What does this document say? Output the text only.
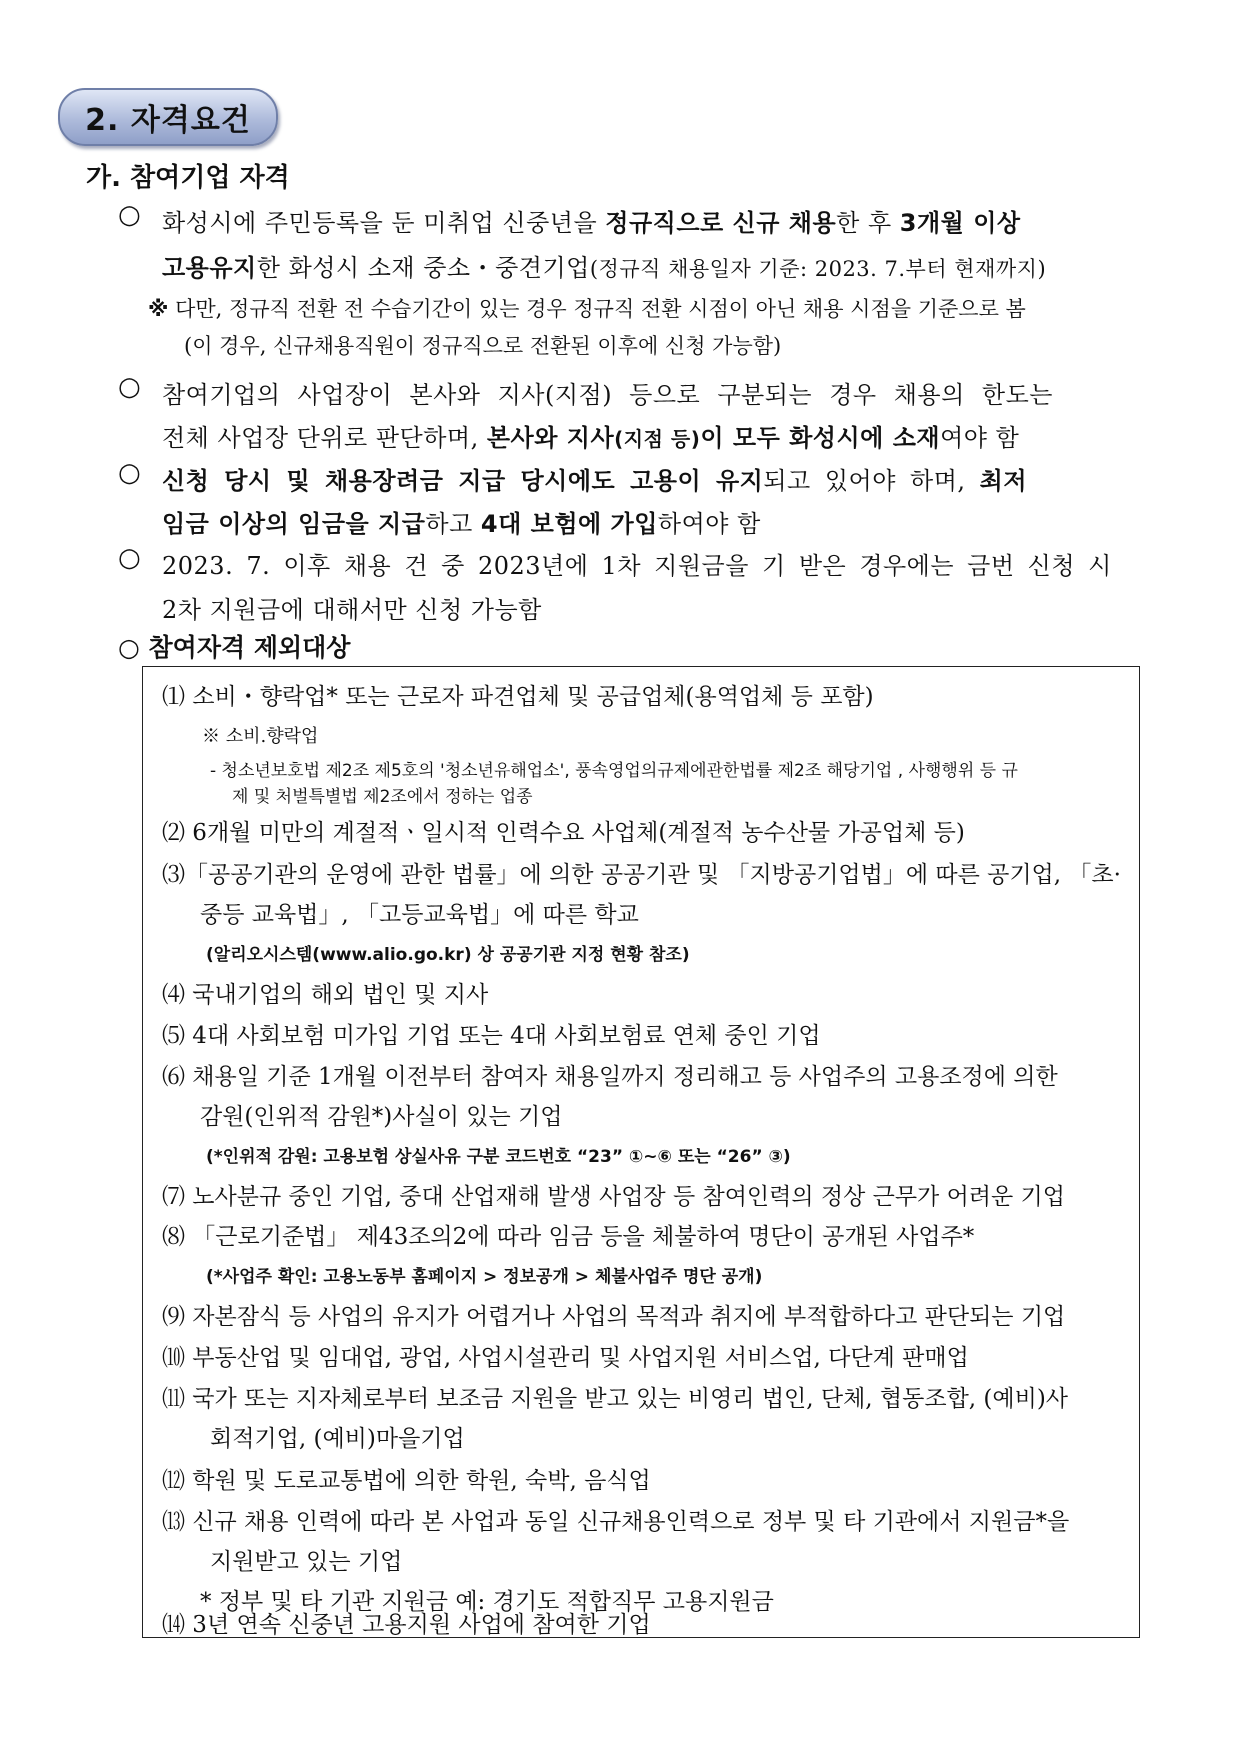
2. 자격요건
가. 참여기업 자격
○ 화성시에 주민등록을 둔 미취업 신중년을 정규직으로 신규 채용한 후 3개월 이상
고용유지한 화성시 소재 중소・중견기업(정규직 채용일자 기준: 2023. 7.부터 현재까지)
※ 다만, 정규직 전환 전 수습기간이 있는 경우 정규직 전환 시점이 아닌 채용 시점을 기준으로 봄
(이 경우, 신규채용직원이 정규직으로 전환된 이후에 신청 가능함)
○ 참여기업의 사업장이 본사와 지사(지점) 등으로 구분되는 경우 채용의 한도는
전체 사업장 단위로 판단하며, 본사와 지사(지점 등)이 모두 화성시에 소재여야 함
○ 신청 당시 및 채용장려금 지급 당시에도 고용이 유지되고 있어야 하며, 최저
임금 이상의 임금을 지급하고 4대 보험에 가입하여야 함
○ 2023. 7. 이후 채용 건 중 2023년에 1차 지원금을 기 받은 경우에는 금번 신청 시
2차 지원금에 대해서만 신청 가능함
○ 참여자격 제외대상
⑴ 소비・향락업* 또는 근로자 파견업체 및 공급업체(용역업체 등 포함)
※ 소비.향락업
- 청소년보호법 제2조 제5호의 '청소년유해업소', 풍속영업의규제에관한법률 제2조 해당기업 , 사행행위 등 규
제 및 처벌특별법 제2조에서 정하는 업종
⑵ 6개월 미만의 계절적ㆍ일시적 인력수요 사업체(계절적 농수산물 가공업체 등)
⑶「공공기관의 운영에 관한 법률」에 의한 공공기관 및 「지방공기업법」에 따른 공기업, 「초·
중등 교육법」, 「고등교육법」에 따른 학교
(알리오시스템(www.alio.go.kr) 상 공공기관 지정 현황 참조)
⑷ 국내기업의 해외 법인 및 지사
⑸ 4대 사회보험 미가입 기업 또는 4대 사회보험료 연체 중인 기업
⑹ 채용일 기준 1개월 이전부터 참여자 채용일까지 정리해고 등 사업주의 고용조정에 의한
감원(인위적 감원*)사실이 있는 기업
(*인위적 감원: 고용보험 상실사유 구분 코드번호 “23” ①~⑥ 또는 “26” ③)
⑺ 노사분규 중인 기업, 중대 산업재해 발생 사업장 등 참여인력의 정상 근무가 어려운 기업
⑻ 「근로기준법」 제43조의2에 따라 임금 등을 체불하여 명단이 공개된 사업주*
(*사업주 확인: 고용노동부 홈페이지 > 정보공개 > 체불사업주 명단 공개)
⑼ 자본잠식 등 사업의 유지가 어렵거나 사업의 목적과 취지에 부적합하다고 판단되는 기업
⑽ 부동산업 및 임대업, 광업, 사업시설관리 및 사업지원 서비스업, 다단계 판매업
⑾ 국가 또는 지자체로부터 보조금 지원을 받고 있는 비영리 법인, 단체, 협동조합, (예비)사
회적기업, (예비)마을기업
⑿ 학원 및 도로교통법에 의한 학원, 숙박, 음식업
⒀ 신규 채용 인력에 따라 본 사업과 동일 신규채용인력으로 정부 및 타 기관에서 지원금*을
지원받고 있는 기업
* 정부 및 타 기관 지원금 예: 경기도 적합직무 고용지원금
⒁ 3년 연속 신중년 고용지원 사업에 참여한 기업
